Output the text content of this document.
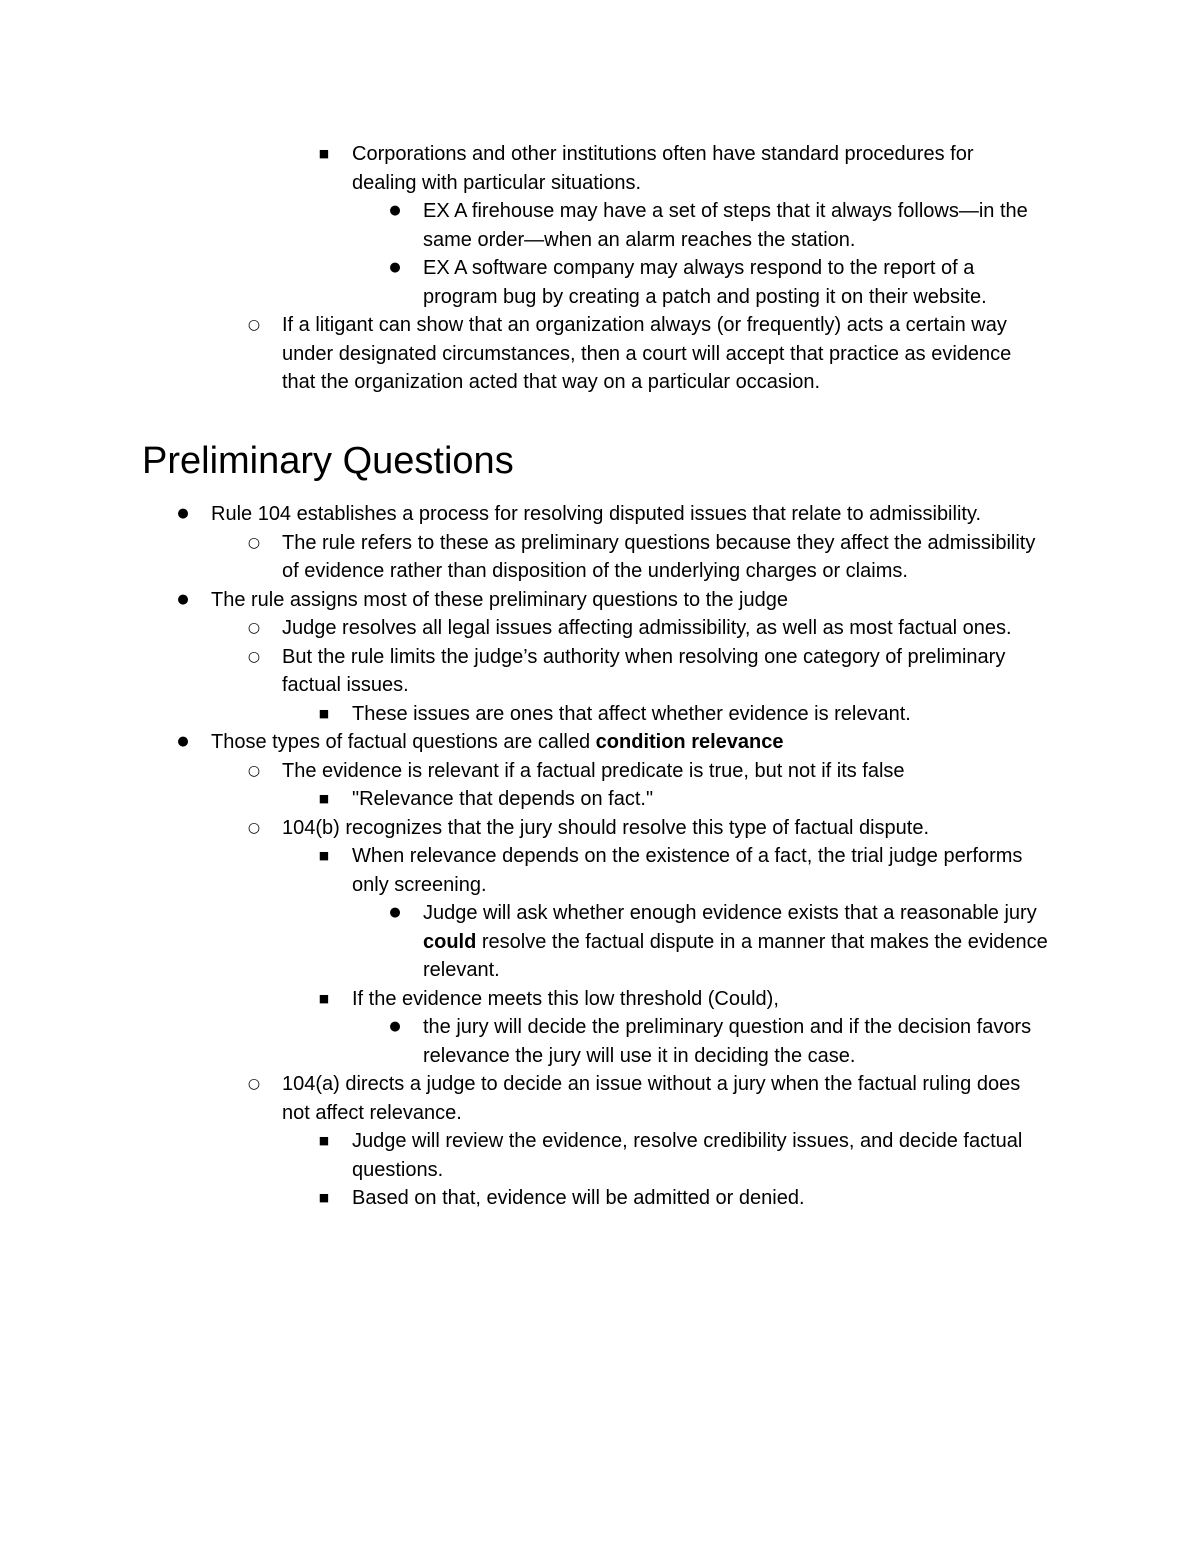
■
Corporations and other institutions often have standard procedures for dealing with particular situations.
●
EX A firehouse may have a set of steps that it always follows—in the same order—when an alarm reaches the station.
●
EX A software company may always respond to the report of a program bug by creating a patch and posting it on their website.
○
If a litigant can show that an organization always (or frequently) acts a certain way under designated circumstances, then a court will accept that practice as evidence that the organization acted that way on a particular occasion.
Preliminary Questions
●
Rule 104 establishes a process for resolving disputed issues that relate to admissibility.
○
The rule refers to these as preliminary questions because they affect the admissibility of evidence rather than disposition of the underlying charges or claims.
●
The rule assigns most of these preliminary questions to the judge
○
Judge resolves all legal issues affecting admissibility, as well as most factual ones.
○
But the rule limits the judge’s authority when resolving one category of preliminary factual issues.
■
These issues are ones that affect whether evidence is relevant.
●
Those types of factual questions are called condition relevance
○
The evidence is relevant if a factual predicate is true, but not if its false
■
"Relevance that depends on fact."
○
104(b) recognizes that the jury should resolve this type of factual dispute.
■
When relevance depends on the existence of a fact, the trial judge performs only screening.
●
Judge will ask whether enough evidence exists that a reasonable jury could resolve the factual dispute in a manner that makes the evidence relevant.
■
If the evidence meets this low threshold (Could),
●
the jury will decide the preliminary question and if the decision favors relevance the jury will use it in deciding the case.
○
104(a) directs a judge to decide an issue without a jury when the factual ruling does not affect relevance.
■
Judge will review the evidence, resolve credibility issues, and decide factual questions.
■
Based on that, evidence will be admitted or denied.
